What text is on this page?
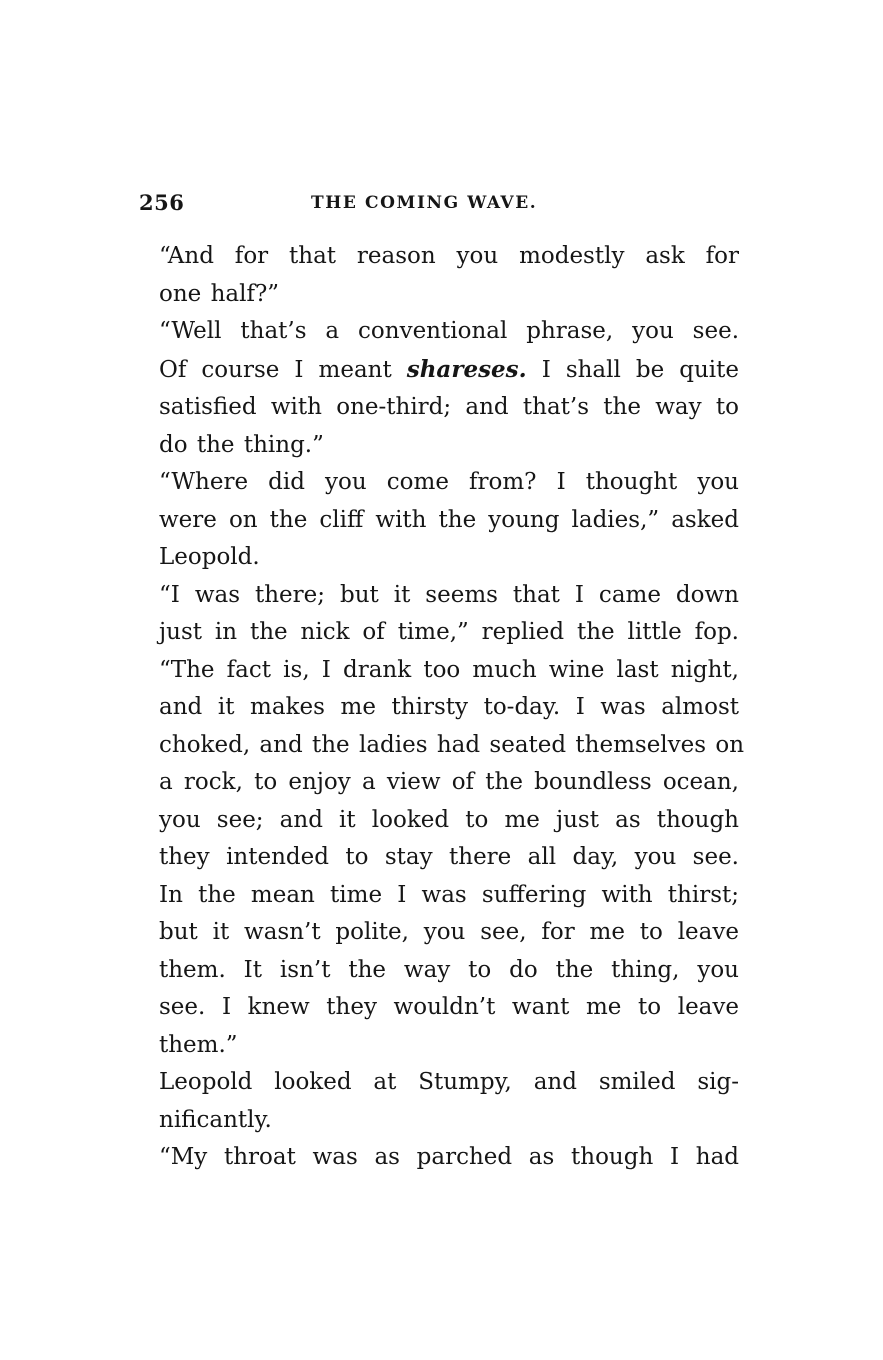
256	THE COMING WAVE.

“And for that reason you modestly ask for
one half?”

“Well that’s a conventional phrase, you see.
Of course I meant shareses. I shall be quite
satisfied with one-third; and that’s the way to
do the thing.”

“Where did you come from? I thought you
were on the cliff with the young ladies,” asked
Leopold.

“I was there; but it seems that I came down
just in the nick of time,” replied the little fop.
“The fact is, I drank too much wine last night,
and it makes me thirsty to-day. I was almost
choked, and the ladies had seated themselves on
a rock, to enjoy a view of the boundless ocean,
you see; and it looked to me just as though
they intended to stay there all day, you see.
In the mean time I was suffering with thirst;
but it wasn’t polite, you see, for me to leave
them. It isn’t the way to do the thing, you
see. I knew they wouldn’t want me to leave
them.”

Leopold looked at Stumpy, and smiled sig-
nificantly.

“My throat was as parched as though I had
